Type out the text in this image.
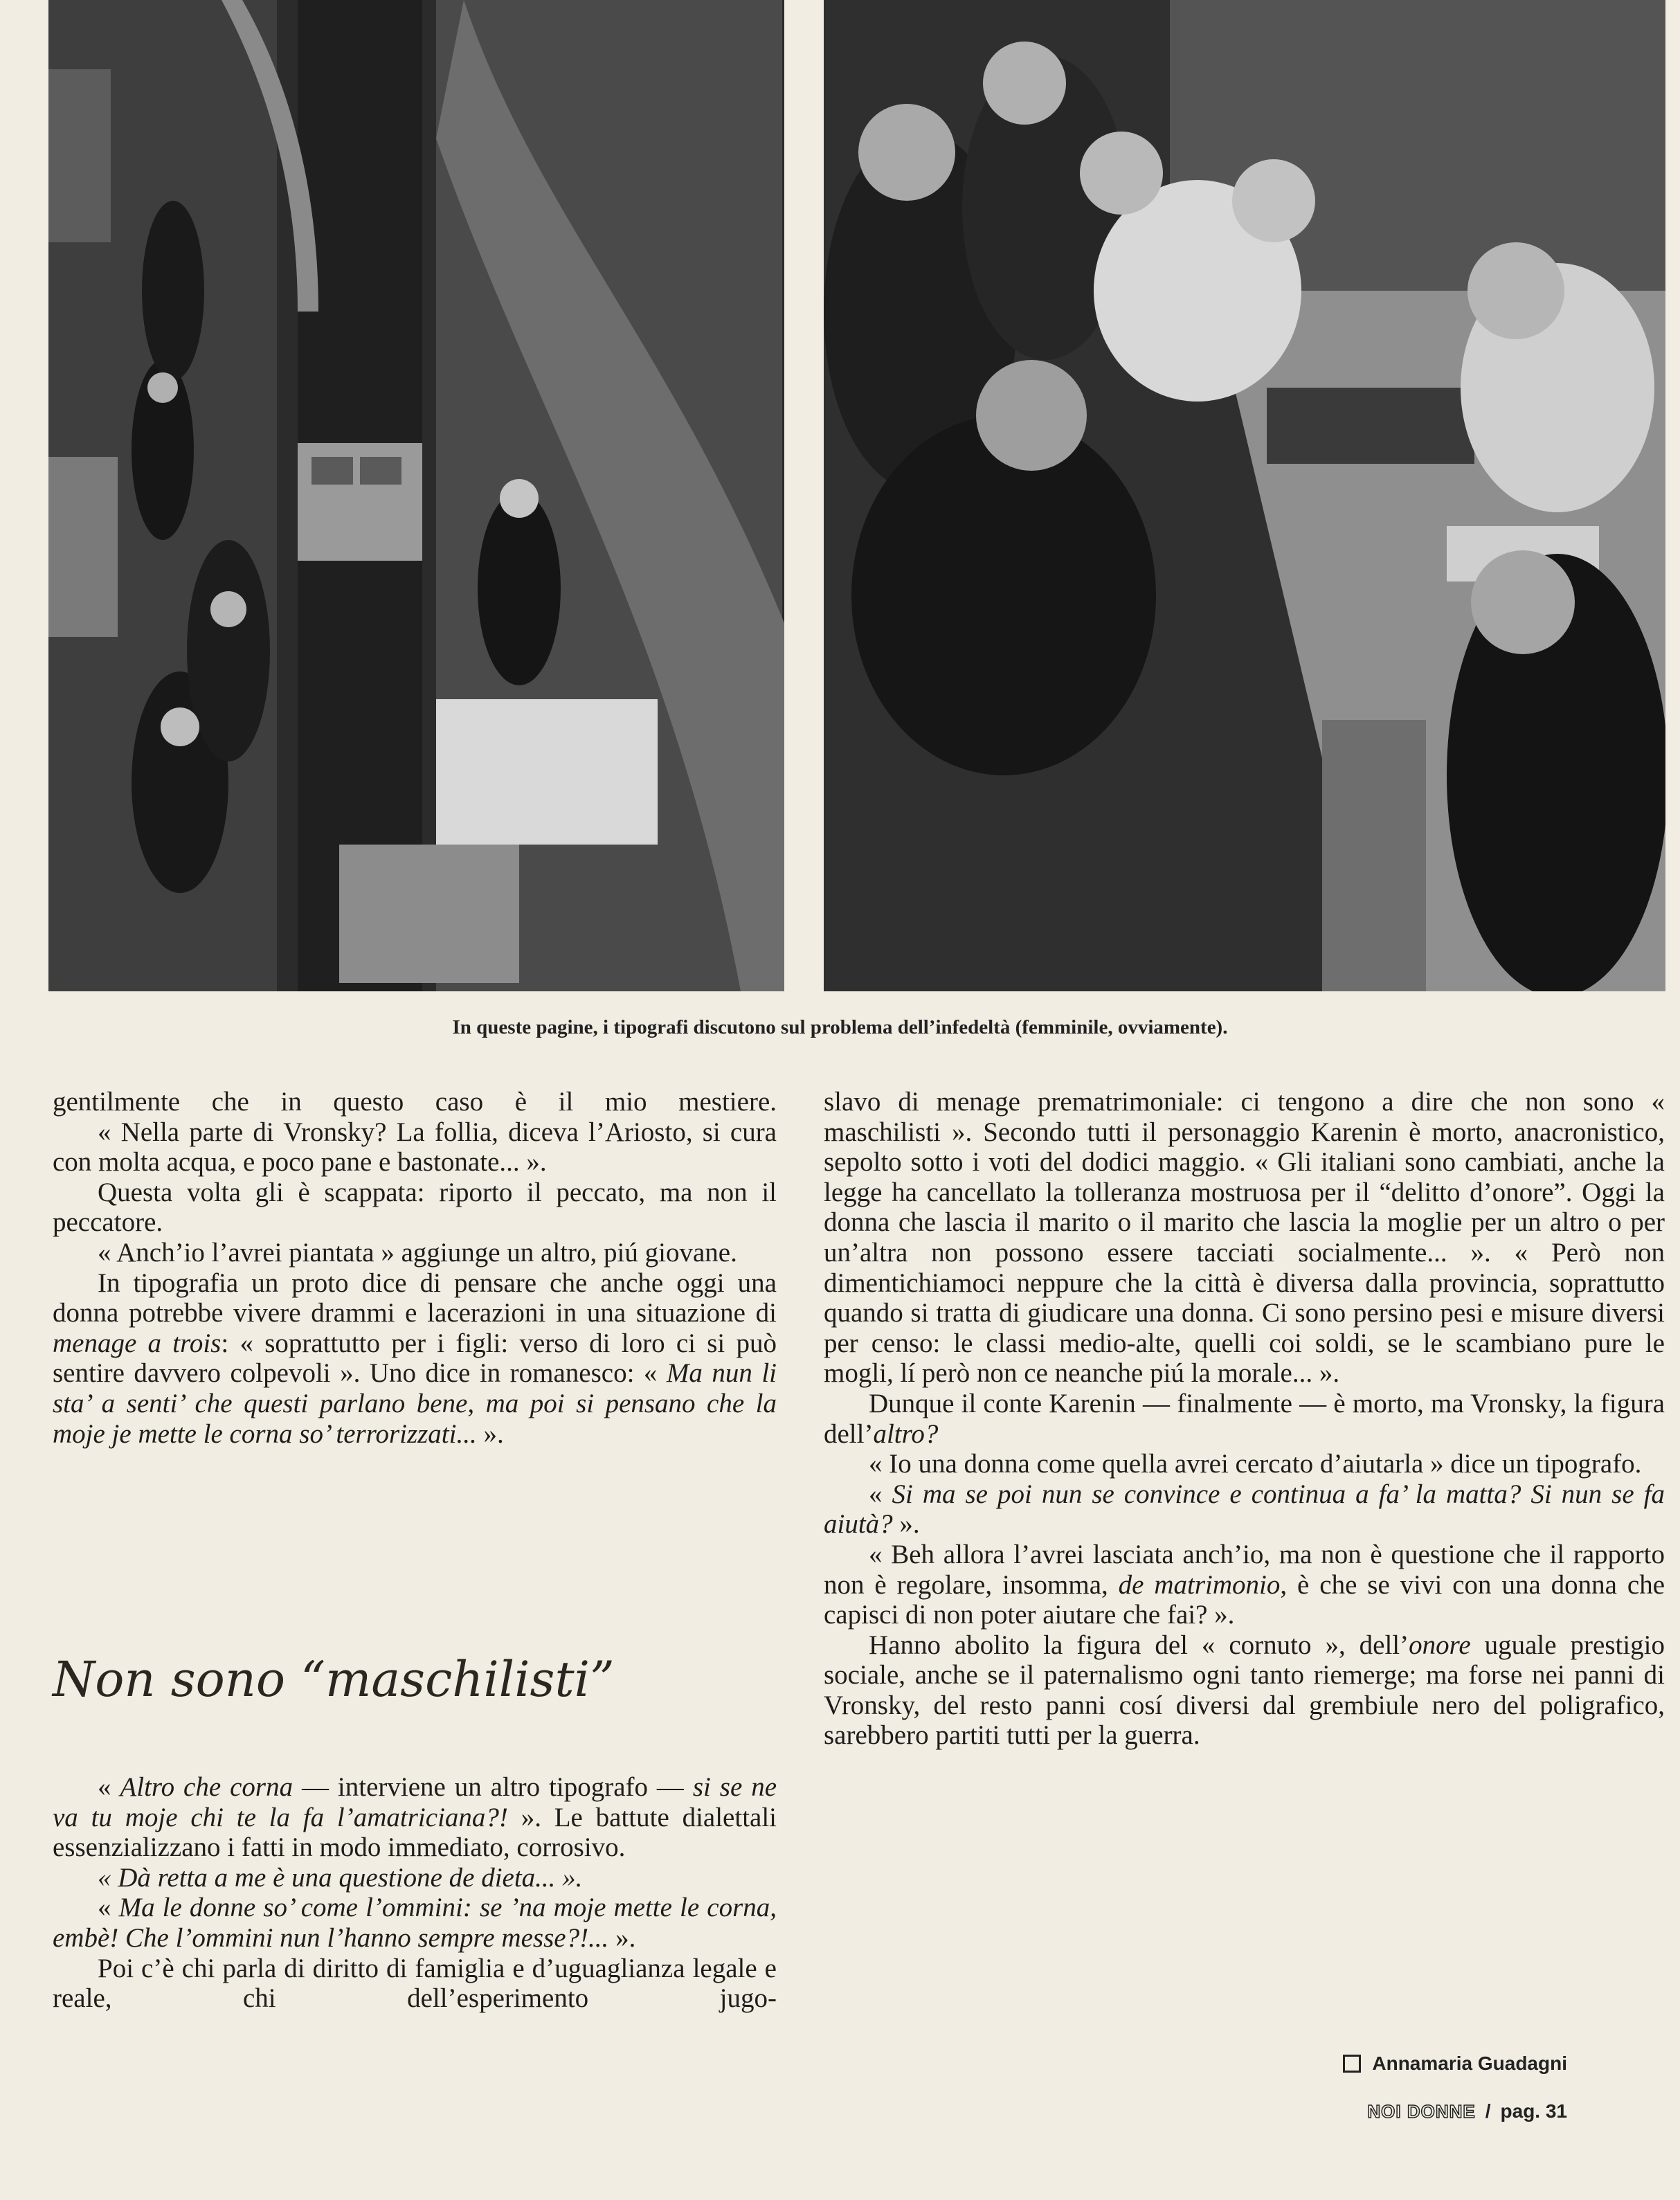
In queste pagine, i tipografi discutono sul problema dell’infedeltà (femminile, ovviamente).

gentilmente che in questo caso è il mio mestiere.

« Nella parte di Vronsky? La follia, diceva l’Ariosto, si cura con molta acqua, e poco pane e bastonate... ».

Questa volta gli è scappata: riporto il peccato, ma non il peccatore.

« Anch’io l’avrei piantata » aggiunge un altro, piú giovane.

In tipografia un proto dice di pensare che anche oggi una donna potrebbe vivere drammi e lacerazioni in una situazione di menage a trois: « soprattutto per i figli: verso di loro ci si può sentire davvero colpevoli ». Uno dice in romanesco: « Ma nun li sta’ a senti’ che questi parlano bene, ma poi si pensano che la moje je mette le corna so’ terrorizzati... ».

Non sono “maschilisti”

« Altro che corna — interviene un altro tipografo — si se ne va tu moje chi te la fa l’amatriciana?! ». Le battute dialettali essenzializzano i fatti in modo immediato, corrosivo.

« Dà retta a me è una questione de dieta... ».

« Ma le donne so’ come l’ommini: se ’na moje mette le corna, embè! Che l’ommini nun l’hanno sempre messe?!... ».

Poi c’è chi parla di diritto di famiglia e d’uguaglianza legale e reale, chi dell’esperimento jugo-

slavo di menage prematrimoniale: ci tengono a dire che non sono « maschilisti ». Secondo tutti il personaggio Karenin è morto, anacronistico, sepolto sotto i voti del dodici maggio. « Gli italiani sono cambiati, anche la legge ha cancellato la tolleranza mostruosa per il “delitto d’onore”. Oggi la donna che lascia il marito o il marito che lascia la moglie per un altro o per un’altra non possono essere tacciati socialmente... ». « Però non dimentichiamoci neppure che la città è diversa dalla provincia, soprattutto quando si tratta di giudicare una donna. Ci sono persino pesi e misure diversi per censo: le classi medio-alte, quelli coi soldi, se le scambiano pure le mogli, lí però non ce neanche piú la morale... ».

Dunque il conte Karenin — finalmente — è morto, ma Vronsky, la figura dell’altro?

« Io una donna come quella avrei cercato d’aiutarla » dice un tipografo.

« Si ma se poi nun se convince e continua a fa’ la matta? Si nun se fa aiutà? ».

« Beh allora l’avrei lasciata anch’io, ma non è questione che il rapporto non è regolare, insomma, de matrimonio, è che se vivi con una donna che capisci di non poter aiutare che fai? ».

Hanno abolito la figura del « cornuto », dell’onore uguale prestigio sociale, anche se il paternalismo ogni tanto riemerge; ma forse nei panni di Vronsky, del resto panni cosí diversi dal grembiule nero del poligrafico, sarebbero partiti tutti per la guerra.

Annamaria Guadagni
NOI DONNE / pag. 31
